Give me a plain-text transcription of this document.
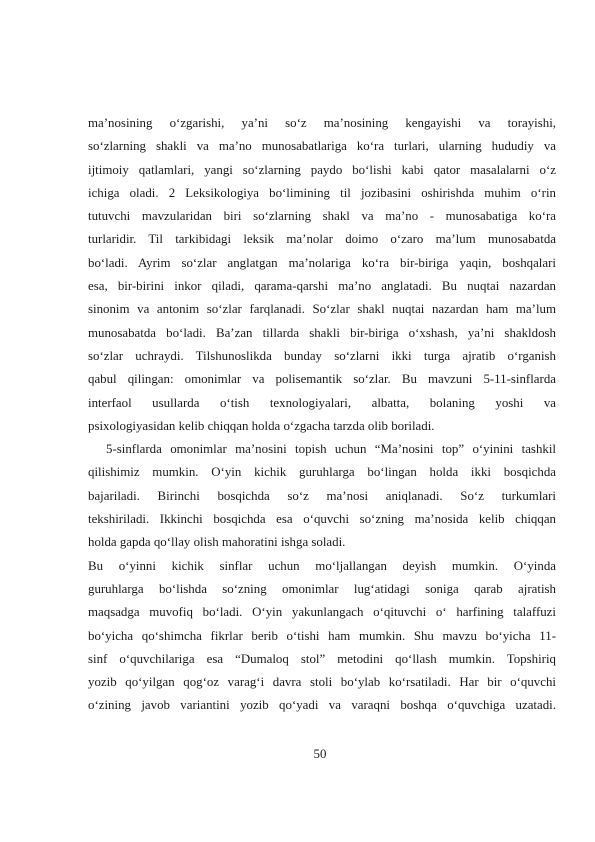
ma’nosining o‘zgarishi, ya’ni so‘z ma’nosining kengayishi va torayishi,
so‘zlarning shakli va ma’no munosabatlariga ko‘ra turlari, ularning hududiy va
ijtimoiy qatlamlari, yangi so‘zlarning paydo bo‘lishi kabi qator masalalarni o‘z
ichiga oladi. 2 Leksikologiya bo‘limining til jozibasini oshirishda muhim o‘rin
tutuvchi mavzularidan biri so‘zlarning shakl va ma’no - munosabatiga ko‘ra
turlaridir. Til tarkibidagi leksik ma’nolar doimo o‘zaro ma’lum munosabatda
bo‘ladi. Ayrim so‘zlar anglatgan ma’nolariga ko‘ra bir-biriga yaqin, boshqalari
esa, bir-birini inkor qiladi, qarama-qarshi ma’no anglatadi. Bu nuqtai nazardan
sinonim va antonim so‘zlar farqlanadi. So‘zlar shakl nuqtai nazardan ham ma’lum
munosabatda bo‘ladi. Ba’zan tillarda shakli bir-biriga o‘xshash, ya’ni shakldosh
so‘zlar uchraydi. Tilshunoslikda bunday so‘zlarni ikki turga ajratib o‘rganish
qabul qilingan: omonimlar va polisemantik so‘zlar. Bu mavzuni 5-11-sinflarda
interfaol usullarda o‘tish texnologiyalari, albatta, bolaning yoshi va
psixologiyasidan kelib chiqqan holda o‘zgacha tarzda olib boriladi.
5-sinflarda omonimlar ma’nosini topish uchun “Ma’nosini top” o‘yinini tashkil
qilishimiz mumkin. O‘yin kichik guruhlarga bo‘lingan holda ikki bosqichda
bajariladi. Birinchi bosqichda so‘z ma’nosi aniqlanadi. So‘z turkumlari
tekshiriladi. Ikkinchi bosqichda esa o‘quvchi so‘zning ma’nosida kelib chiqqan
holda gapda qo‘llay olish mahoratini ishga soladi.
Bu o‘yinni kichik sinflar uchun mo‘ljallangan deyish mumkin. O‘yinda
guruhlarga bo‘lishda so‘zning omonimlar lug‘atidagi soniga qarab ajratish
maqsadga muvofiq bo‘ladi. O‘yin yakunlangach o‘qituvchi o‘ harfining talaffuzi
bo‘yicha qo‘shimcha fikrlar berib o‘tishi ham mumkin. Shu mavzu bo‘yicha 11-
sinf o‘quvchilariga esa “Dumaloq stol” metodini qo‘llash mumkin. Topshiriq
yozib qo‘yilgan qog‘oz varag‘i davra stoli bo‘ylab ko‘rsatiladi. Har bir o‘quvchi
o‘zining javob variantini yozib qo‘yadi va varaqni boshqa o‘quvchiga uzatadi.
50
